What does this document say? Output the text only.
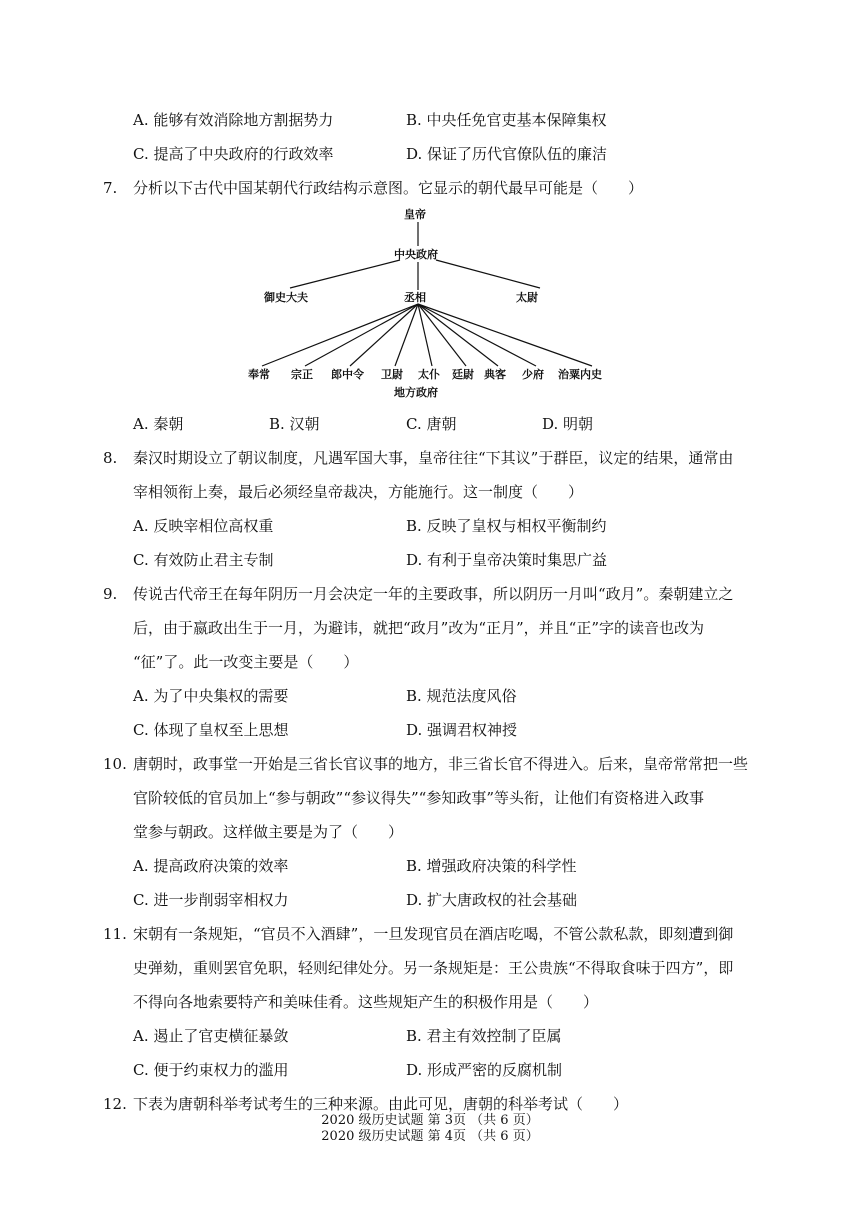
A. 能够有效消除地方割据势力	B. 中央任免官吏基本保障集权
C. 提高了中央政府的行政效率	D. 保证了历代官僚队伍的廉洁
7. 分析以下古代中国某朝代行政结构示意图。它显示的朝代最早可能是（　　）
皇帝
中央政府
御史大夫	丞相	太尉
奉常 宗正 郎中令 卫尉 太仆 廷尉 典客 少府 治粟内史
地方政府
A. 秦朝	B. 汉朝	C. 唐朝	D. 明朝
8. 秦汉时期设立了朝议制度，凡遇军国大事，皇帝往往“下其议”于群臣，议定的结果，通常由
宰相领衔上奏，最后必须经皇帝裁决，方能施行。这一制度（　　）
A. 反映宰相位高权重	B. 反映了皇权与相权平衡制约
C. 有效防止君主专制	D. 有利于皇帝决策时集思广益
9. 传说古代帝王在每年阴历一月会决定一年的主要政事，所以阴历一月叫“政月”。秦朝建立之
后，由于嬴政出生于一月，为避讳，就把“政月”改为“正月”，并且“正”字的读音也改为
“征”了。此一改变主要是（　　）
A. 为了中央集权的需要	B. 规范法度风俗
C. 体现了皇权至上思想	D. 强调君权神授
10. 唐朝时，政事堂一开始是三省长官议事的地方，非三省长官不得进入。后来，皇帝常常把一些
官阶较低的官员加上“参与朝政”“参议得失”“参知政事”等头衔，让他们有资格进入政事
堂参与朝政。这样做主要是为了（　　）
A. 提高政府决策的效率	B. 增强政府决策的科学性
C. 进一步削弱宰相权力	D. 扩大唐政权的社会基础
11. 宋朝有一条规矩，“官员不入酒肆”，一旦发现官员在酒店吃喝，不管公款私款，即刻遭到御
史弹劾，重则罢官免职，轻则纪律处分。另一条规矩是：王公贵族“不得取食味于四方”，即
不得向各地索要特产和美味佳肴。这些规矩产生的积极作用是（　　）
A. 遏止了官吏横征暴敛	B. 君主有效控制了臣属
C. 便于约束权力的滥用	D. 形成严密的反腐机制
12. 下表为唐朝科举考试考生的三种来源。由此可见，唐朝的科举考试（　　）
2020 级历史试题 第 3页 （共 6 页）
2020 级历史试题 第 4页 （共 6 页）
